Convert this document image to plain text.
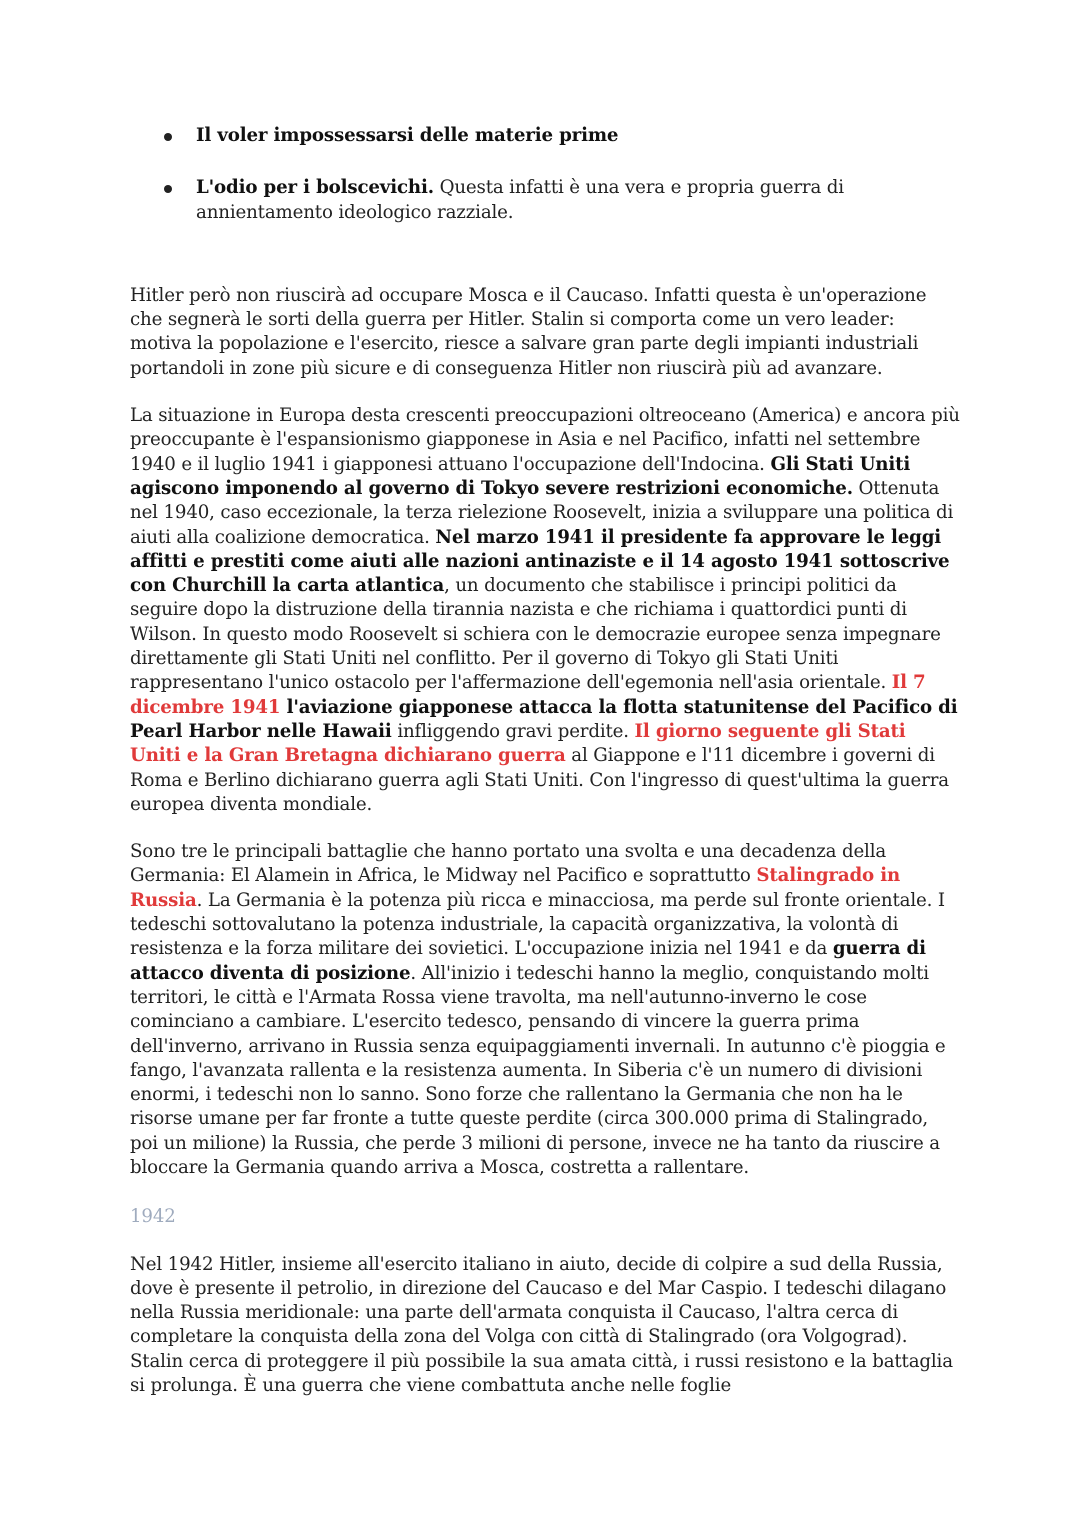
Il voler impossessarsi delle materie prime
L'odio per i bolscevichi. Questa infatti è una vera e propria guerra di annientamento ideologico razziale.

Hitler però non riuscirà ad occupare Mosca e il Caucaso. Infatti questa è un'operazione che segnerà le sorti della guerra per Hitler. Stalin si comporta come un vero leader: motiva la popolazione e l'esercito, riesce a salvare gran parte degli impianti industriali portandoli in zone più sicure e di conseguenza Hitler non riuscirà più ad avanzare.

La situazione in Europa desta crescenti preoccupazioni oltreoceano (America) e ancora più preoccupante è l'espansionismo giapponese in Asia e nel Pacifico, infatti nel settembre 1940 e il luglio 1941 i giapponesi attuano l'occupazione dell'Indocina. Gli Stati Uniti agiscono imponendo al governo di Tokyo severe restrizioni economiche. Ottenuta nel 1940, caso eccezionale, la terza rielezione Roosevelt, inizia a sviluppare una politica di aiuti alla coalizione democratica. Nel marzo 1941 il presidente fa approvare le leggi affitti e prestiti come aiuti alle nazioni antinaziste e il 14 agosto 1941 sottoscrive con Churchill la carta atlantica, un documento che stabilisce i principi politici da seguire dopo la distruzione della tirannia nazista e che richiama i quattordici punti di Wilson. In questo modo Roosevelt si schiera con le democrazie europee senza impegnare direttamente gli Stati Uniti nel conflitto. Per il governo di Tokyo gli Stati Uniti rappresentano l'unico ostacolo per l'affermazione dell'egemonia nell'asia orientale. Il 7 dicembre 1941 l'aviazione giapponese attacca la flotta statunitense del Pacifico di Pearl Harbor nelle Hawaii infliggendo gravi perdite. Il giorno seguente gli Stati Uniti e la Gran Bretagna dichiarano guerra al Giappone e l'11 dicembre i governi di Roma e Berlino dichiarano guerra agli Stati Uniti. Con l'ingresso di quest'ultima la guerra europea diventa mondiale.

Sono tre le principali battaglie che hanno portato una svolta e una decadenza della Germania: El Alamein in Africa, le Midway nel Pacifico e soprattutto Stalingrado in Russia. La Germania è la potenza più ricca e minacciosa, ma perde sul fronte orientale. I tedeschi sottovalutano la potenza industriale, la capacità organizzativa, la volontà di resistenza e la forza militare dei sovietici. L'occupazione inizia nel 1941 e da guerra di attacco diventa di posizione. All'inizio i tedeschi hanno la meglio, conquistando molti territori, le città e l'Armata Rossa viene travolta, ma nell'autunno-inverno le cose cominciano a cambiare. L'esercito tedesco, pensando di vincere la guerra prima dell'inverno, arrivano in Russia senza equipaggiamenti invernali. In autunno c'è pioggia e fango, l'avanzata rallenta e la resistenza aumenta. In Siberia c'è un numero di divisioni enormi, i tedeschi non lo sanno. Sono forze che rallentano la Germania che non ha le risorse umane per far fronte a tutte queste perdite (circa 300.000 prima di Stalingrado, poi un milione) la Russia, che perde 3 milioni di persone, invece ne ha tanto da riuscire a bloccare la Germania quando arriva a Mosca, costretta a rallentare.

1942

Nel 1942 Hitler, insieme all'esercito italiano in aiuto, decide di colpire a sud della Russia, dove è presente il petrolio, in direzione del Caucaso e del Mar Caspio. I tedeschi dilagano nella Russia meridionale: una parte dell'armata conquista il Caucaso, l'altra cerca di completare la conquista della zona del Volga con città di Stalingrado (ora Volgograd). Stalin cerca di proteggere il più possibile la sua amata città, i russi resistono e la battaglia si prolunga. È una guerra che viene combattuta anche nelle foglie
